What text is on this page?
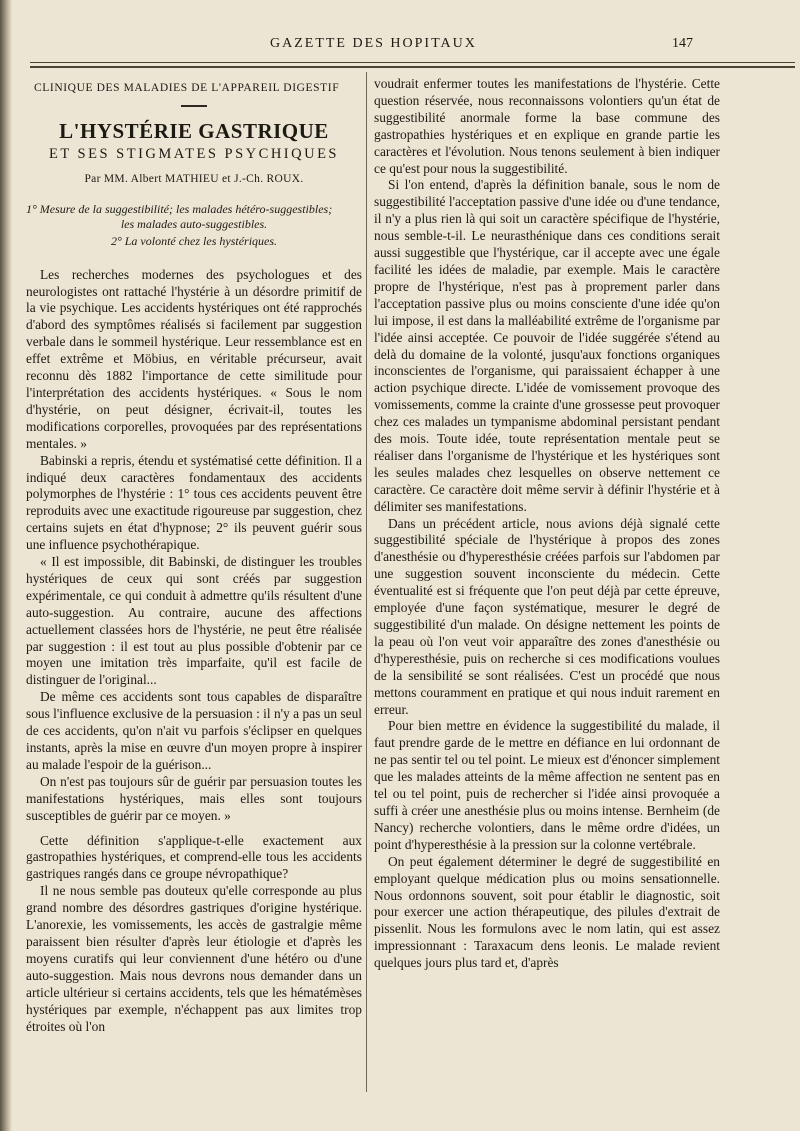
GAZETTE DES HOPITAUX	147
CLINIQUE DES MALADIES DE L'APPAREIL DIGESTIF
L'HYSTÉRIE GASTRIQUE
ET SES STIGMATES PSYCHIQUES
Par MM. Albert MATHIEU et J.-Ch. ROUX.
1° Mesure de la suggestibilité; les malades hétéro-suggestibles;
les malades auto-suggestibles.
2° La volonté chez les hystériques.

Les recherches modernes des psychologues et des neurologistes ont rattaché l'hystérie à un désordre primitif de la vie psychique. Les accidents hystériques ont été rapprochés d'abord des symptômes réalisés si facilement par suggestion verbale dans le sommeil hystérique. Leur ressemblance est en effet extrême et Möbius, en véritable précurseur, avait reconnu dès 1882 l'importance de cette similitude pour l'interprétation des accidents hystériques. « Sous le nom d'hystérie, on peut désigner, écrivait-il, toutes les modifications corporelles, provoquées par des représentations mentales. »

Babinski a repris, étendu et systématisé cette définition. Il a indiqué deux caractères fondamentaux des accidents polymorphes de l'hystérie : 1° tous ces accidents peuvent être reproduits avec une exactitude rigoureuse par suggestion, chez certains sujets en état d'hypnose; 2° ils peuvent guérir sous une influence psychothérapique.

« Il est impossible, dit Babinski, de distinguer les troubles hystériques de ceux qui sont créés par suggestion expérimentale, ce qui conduit à admettre qu'ils résultent d'une auto-suggestion. Au contraire, aucune des affections actuellement classées hors de l'hystérie, ne peut être réalisée par suggestion : il est tout au plus possible d'obtenir par ce moyen une imitation très imparfaite, qu'il est facile de distinguer de l'original...

De même ces accidents sont tous capables de disparaître sous l'influence exclusive de la persuasion : il n'y a pas un seul de ces accidents, qu'on n'ait vu parfois s'éclipser en quelques instants, après la mise en œuvre d'un moyen propre à inspirer au malade l'espoir de la guérison...

On n'est pas toujours sûr de guérir par persuasion toutes les manifestations hystériques, mais elles sont toujours susceptibles de guérir par ce moyen. »

Cette définition s'applique-t-elle exactement aux gastropathies hystériques, et comprend-elle tous les accidents gastriques rangés dans ce groupe névropathique?

Il ne nous semble pas douteux qu'elle corresponde au plus grand nombre des désordres gastriques d'origine hystérique. L'anorexie, les vomissements, les accès de gastralgie même paraissent bien résulter d'après leur étiologie et d'après les moyens curatifs qui leur conviennent d'une hétéro ou d'une auto-suggestion. Mais nous devrons nous demander dans un article ultérieur si certains accidents, tels que les hématémèses hystériques par exemple, n'échappent pas aux limites trop étroites où l'on

voudrait enfermer toutes les manifestations de l'hystérie. Cette question réservée, nous reconnaissons volontiers qu'un état de suggestibilité anormale forme la base commune des gastropathies hystériques et en explique en grande partie les caractères et l'évolution. Nous tenons seulement à bien indiquer ce qu'est pour nous la suggestibilité.

Si l'on entend, d'après la définition banale, sous le nom de suggestibilité l'acceptation passive d'une idée ou d'une tendance, il n'y a plus rien là qui soit un caractère spécifique de l'hystérie, nous semble-t-il. Le neurasthénique dans ces conditions serait aussi suggestible que l'hystérique, car il accepte avec une égale facilité les idées de maladie, par exemple. Mais le caractère propre de l'hystérique, n'est pas à proprement parler dans l'acceptation passive plus ou moins consciente d'une idée qu'on lui impose, il est dans la malléabilité extrême de l'organisme par l'idée ainsi acceptée. Ce pouvoir de l'idée suggérée s'étend au delà du domaine de la volonté, jusqu'aux fonctions organiques inconscientes de l'organisme, qui paraissaient échapper à une action psychique directe. L'idée de vomissement provoque des vomissements, comme la crainte d'une grossesse peut provoquer chez ces malades un tympanisme abdominal persistant pendant des mois. Toute idée, toute représentation mentale peut se réaliser dans l'organisme de l'hystérique et les hystériques sont les seules malades chez lesquelles on observe nettement ce caractère. Ce caractère doit même servir à définir l'hystérie et à délimiter ses manifestations.

Dans un précédent article, nous avions déjà signalé cette suggestibilité spéciale de l'hystérique à propos des zones d'anesthésie ou d'hyperesthésie créées parfois sur l'abdomen par une suggestion souvent inconsciente du médecin. Cette éventualité est si fréquente que l'on peut déjà par cette épreuve, employée d'une façon systématique, mesurer le degré de suggestibilité d'un malade. On désigne nettement les points de la peau où l'on veut voir apparaître des zones d'anesthésie ou d'hyperesthésie, puis on recherche si ces modifications voulues de la sensibilité se sont réalisées. C'est un procédé que nous mettons couramment en pratique et qui nous induit rarement en erreur.

Pour bien mettre en évidence la suggestibilité du malade, il faut prendre garde de le mettre en défiance en lui ordonnant de ne pas sentir tel ou tel point. Le mieux est d'énoncer simplement que les malades atteints de la même affection ne sentent pas en tel ou tel point, puis de rechercher si l'idée ainsi provoquée a suffi à créer une anesthésie plus ou moins intense. Bernheim (de Nancy) recherche volontiers, dans le même ordre d'idées, un point d'hyperesthésie à la pression sur la colonne vertébrale.

On peut également déterminer le degré de suggestibilité en employant quelque médication plus ou moins sensationnelle. Nous ordonnons souvent, soit pour établir le diagnostic, soit pour exercer une action thérapeutique, des pilules d'extrait de pissenlit. Nous les formulons avec le nom latin, qui est assez impressionnant : Taraxacum dens leonis. Le malade revient quelques jours plus tard et, d'après
